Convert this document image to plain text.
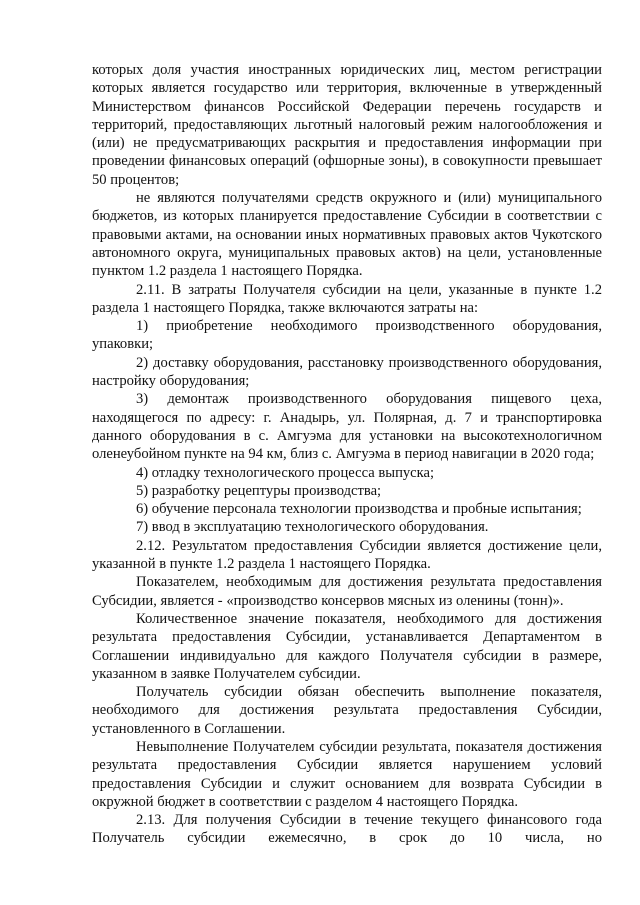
которых доля участия иностранных юридических лиц, местом регистрации которых является государство или территория, включенные в утвержденный Министерством финансов Российской Федерации перечень государств и территорий, предоставляющих льготный налоговый режим налогообложения и (или) не предусматривающих раскрытия и предоставления информации при проведении финансовых операций (офшорные зоны), в совокупности превышает 50 процентов;

не являются получателями средств окружного и (или) муниципального бюджетов, из которых планируется предоставление Субсидии в соответствии с правовыми актами, на основании иных нормативных правовых актов Чукотского автономного округа, муниципальных правовых актов) на цели, установленные пунктом 1.2 раздела 1 настоящего Порядка.

2.11. В затраты Получателя субсидии на цели, указанные в пункте 1.2 раздела 1 настоящего Порядка, также включаются затраты на:

1) приобретение необходимого производственного оборудования, упаковки;

2) доставку оборудования, расстановку производственного оборудования, настройку оборудования;

3) демонтаж производственного оборудования пищевого цеха, находящегося по адресу: г. Анадырь, ул. Полярная, д. 7 и транспортировка данного оборудования в с. Амгуэма для установки на высокотехнологичном оленеубойном пункте на 94 км, близ с. Амгуэма в период навигации в 2020 года;

4) отладку технологического процесса выпуска;

5) разработку рецептуры производства;

6) обучение персонала технологии производства и пробные испытания;

7) ввод в эксплуатацию технологического оборудования.

2.12. Результатом предоставления Субсидии является достижение цели, указанной в пункте 1.2 раздела 1 настоящего Порядка.

Показателем, необходимым для достижения результата предоставления Субсидии, является - «производство консервов мясных из оленины (тонн)».

Количественное значение показателя, необходимого для достижения результата предоставления Субсидии, устанавливается Департаментом в Соглашении индивидуально для каждого Получателя субсидии в размере, указанном в заявке Получателем субсидии.

Получатель субсидии обязан обеспечить выполнение показателя, необходимого для достижения результата предоставления Субсидии, установленного в Соглашении.

Невыполнение Получателем субсидии результата, показателя достижения результата предоставления Субсидии является нарушением условий предоставления Субсидии и служит основанием для возврата Субсидии в окружной бюджет в соответствии с разделом 4 настоящего Порядка.

2.13. Для получения Субсидии в течение текущего финансового года Получатель субсидии ежемесячно, в срок до 10 числа, но
